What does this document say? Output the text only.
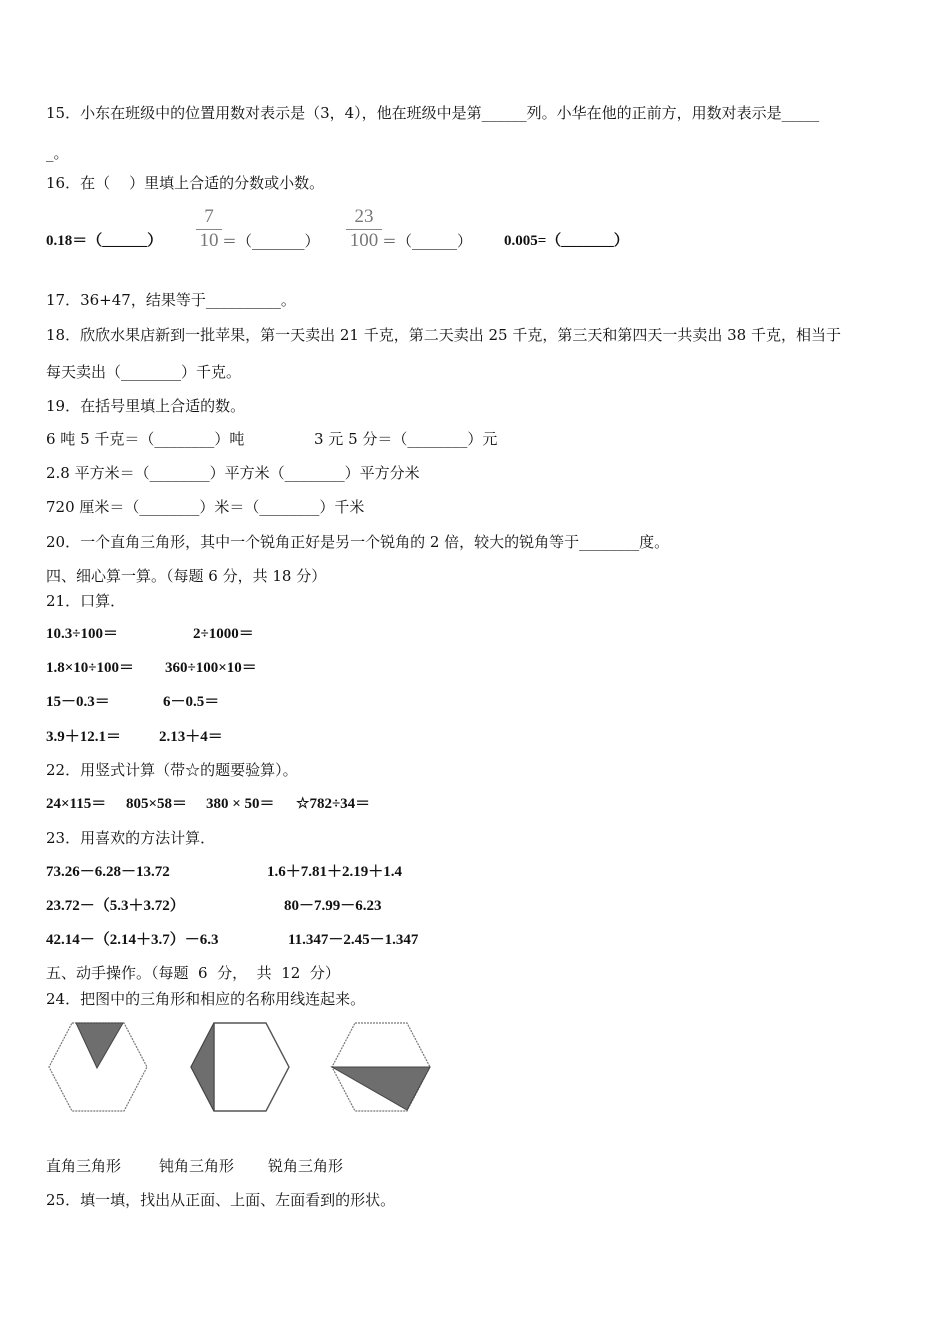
15．小东在班级中的位置用数对表示是（3，4），他在班级中是第______列。小华在他的正前方，用数对表示是_____
_。
16．在（    ）里填上合适的分数或小数。
0.18＝（______） $\frac{7}{10}$ ＝（_______） $\frac{23}{100}$ ＝（______） 0.005=（_______）
17．36+47，结果等于__________。
18．欣欣水果店新到一批苹果，第一天卖出 21 千克，第二天卖出 25 千克，第三天和第四天一共卖出 38 千克，相当于
每天卖出（________）千克。
19．在括号里填上合适的数。
6 吨 5 千克＝（________）吨	3 元 5 分＝（________）元
2.8 平方米＝（________）平方米（________）平方分米
720 厘米＝（________）米＝（________）千米
20．一个直角三角形，其中一个锐角正好是另一个锐角的 2 倍，较大的锐角等于________度。
四、细心算一算。（每题 6 分，共 18 分）
21．口算．
10.3÷100＝	2÷1000＝
1.8×10÷100＝ 360÷100×10＝
15－0.3＝	6－0.5＝
3.9＋12.1＝	2.13＋4＝
22．用竖式计算（带☆的题要验算）。
24×115＝ 805×58＝ 380 × 50＝ ☆782÷34＝
23．用喜欢的方法计算．
73.26－6.28－13.72	1.6＋7.81＋2.19＋1.4
23.72－（5.3＋3.72）	80－7.99－6.23
42.14－（2.14＋3.7）－6.3	11.347－2.45－1.347
五、动手操作。（每题  6  分，  共  12  分）
24．把图中的三角形和相应的名称用线连起来。
直角三角形	钝角三角形 锐角三角形
25．填一填，找出从正面、上面、左面看到的形状。
